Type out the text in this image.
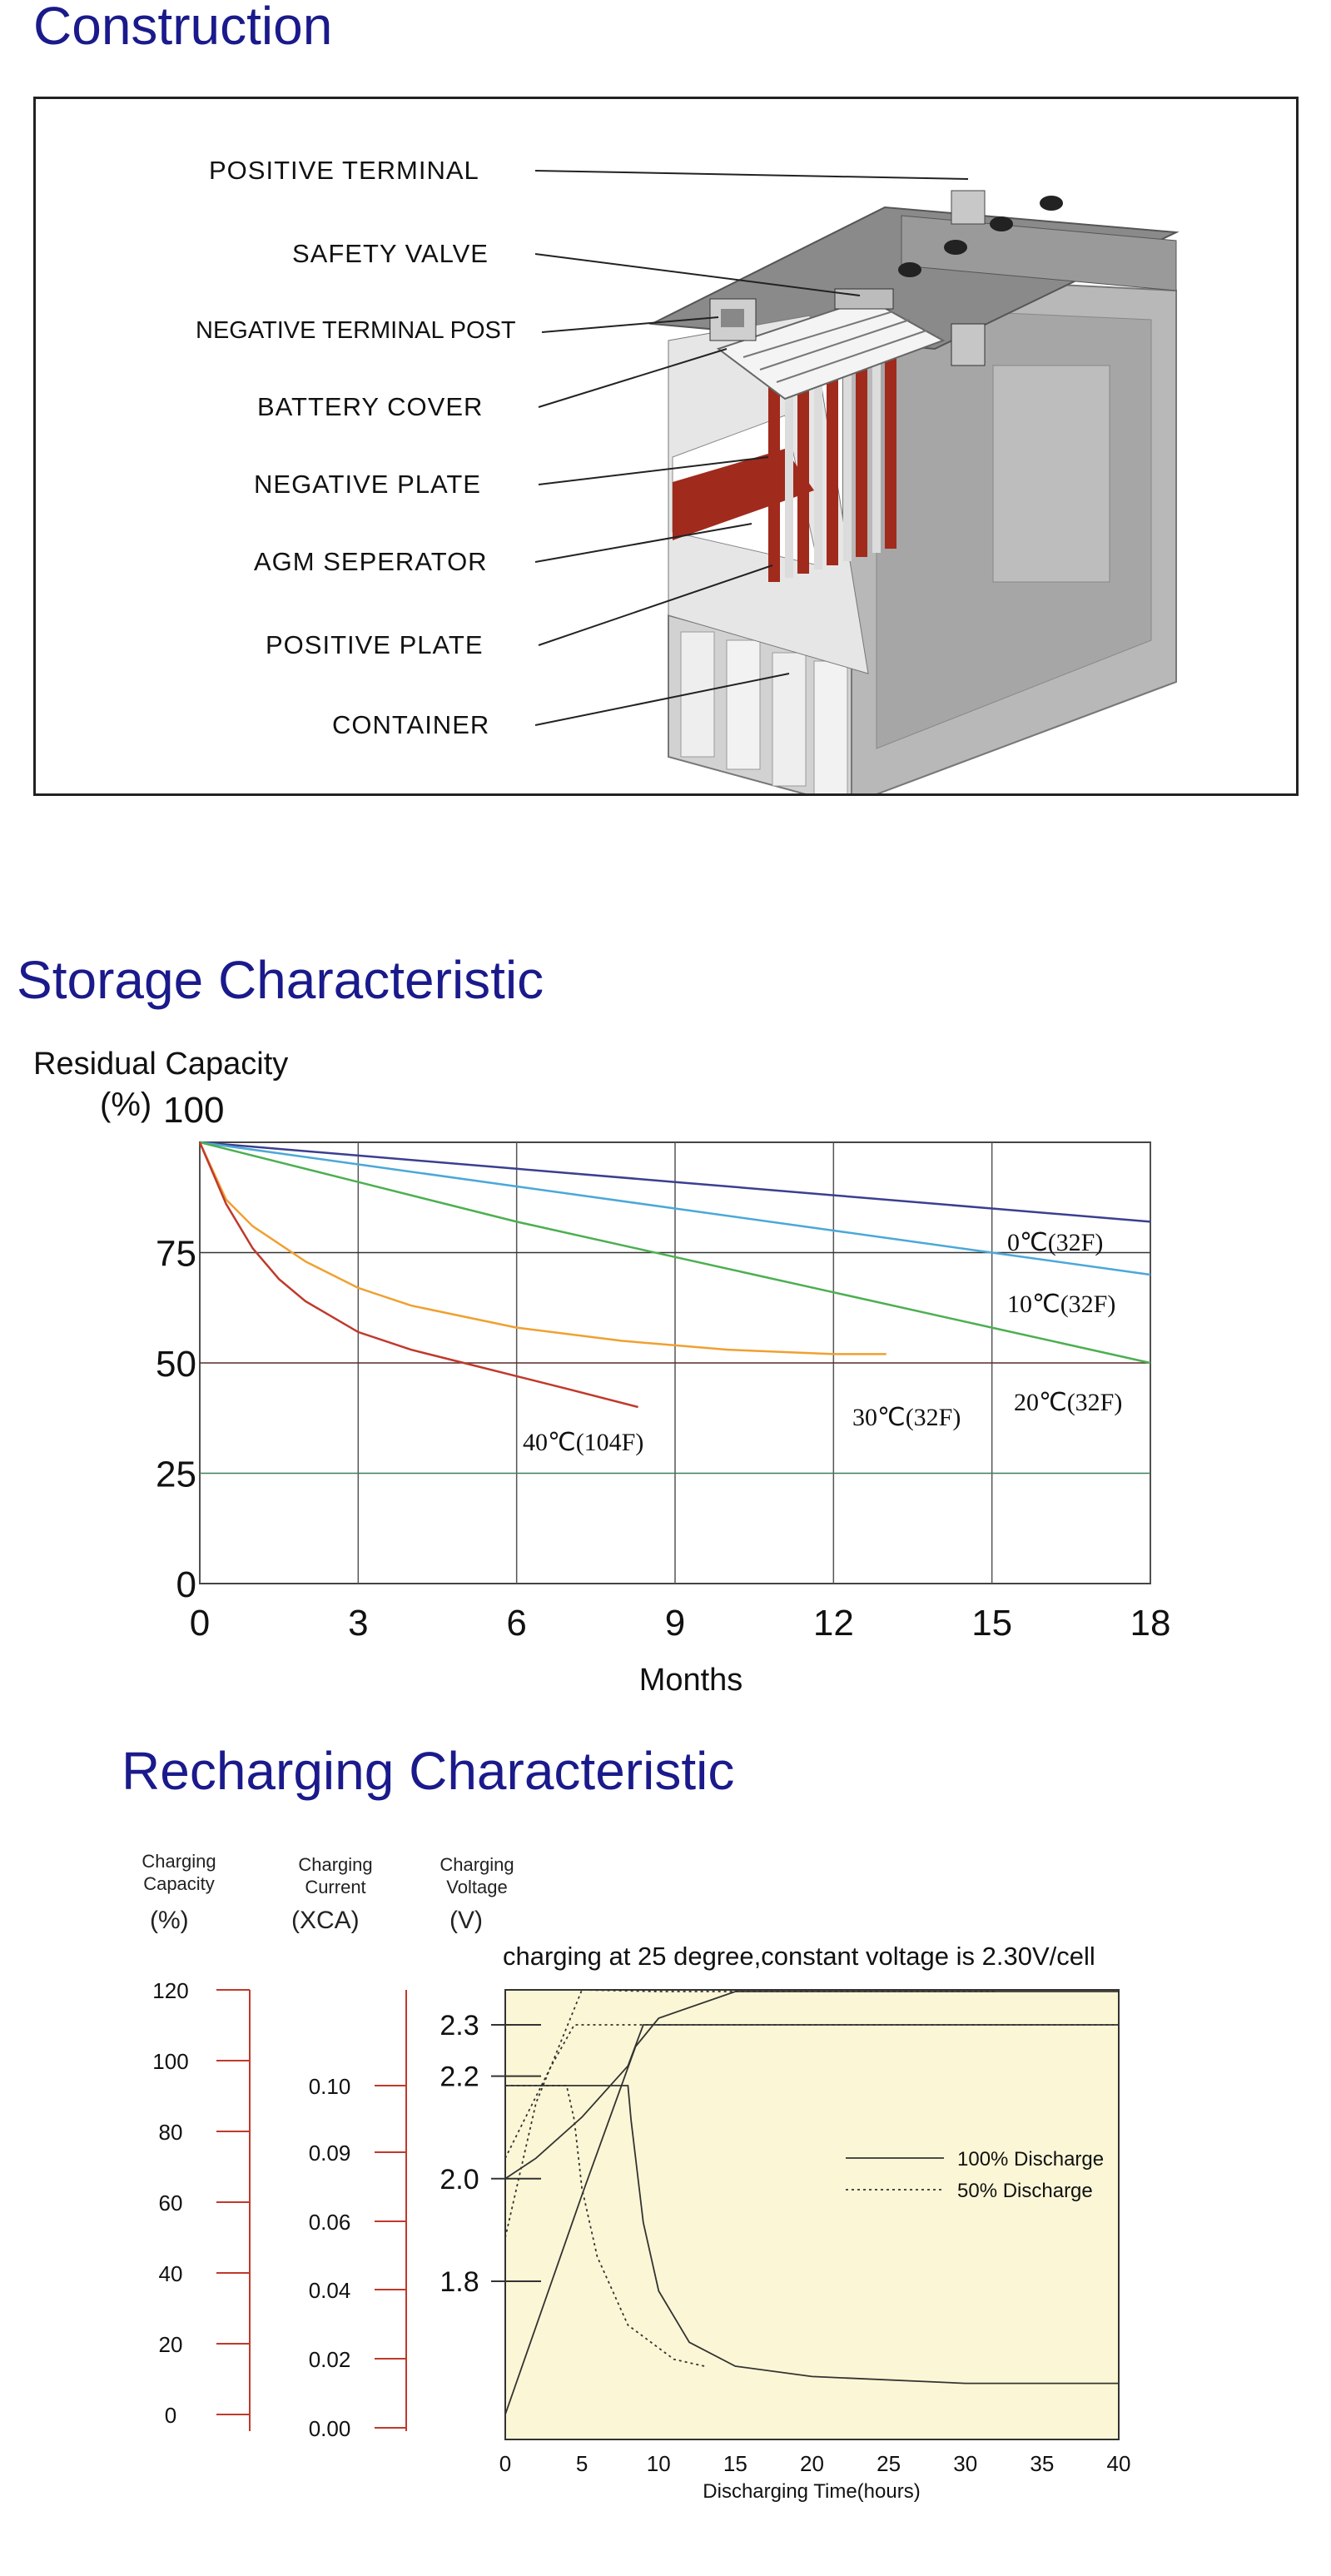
Construction
POSITIVE TERMINAL
SAFETY VALVE
NEGATIVE TERMINAL POST
BATTERY COVER
NEGATIVE PLATE
AGM SEPERATOR
POSITIVE PLATE
CONTAINER
Storage Characteristic
Residual Capacity
(%)
0	3	6	9	12	15	18
0
25
50
75
100
0℃(32F)
10℃(32F)
20℃(32F)
30℃(32F)
40℃(104F)
Months
Recharging Characteristic
Charging
Capacity
(%)
Charging
Current
(XCA)
Charging
Voltage
(V)
charging at 25 degree,constant voltage is 2.30V/cell
0	5	10 15 20 25 30 35 40
0
20
40
60
80
100
120
0.00
0.02
0.04
0.06
0.09
0.10
1.8
2.0
2.2
2.3
100% Discharge
50% Discharge
Discharging Time(hours)
